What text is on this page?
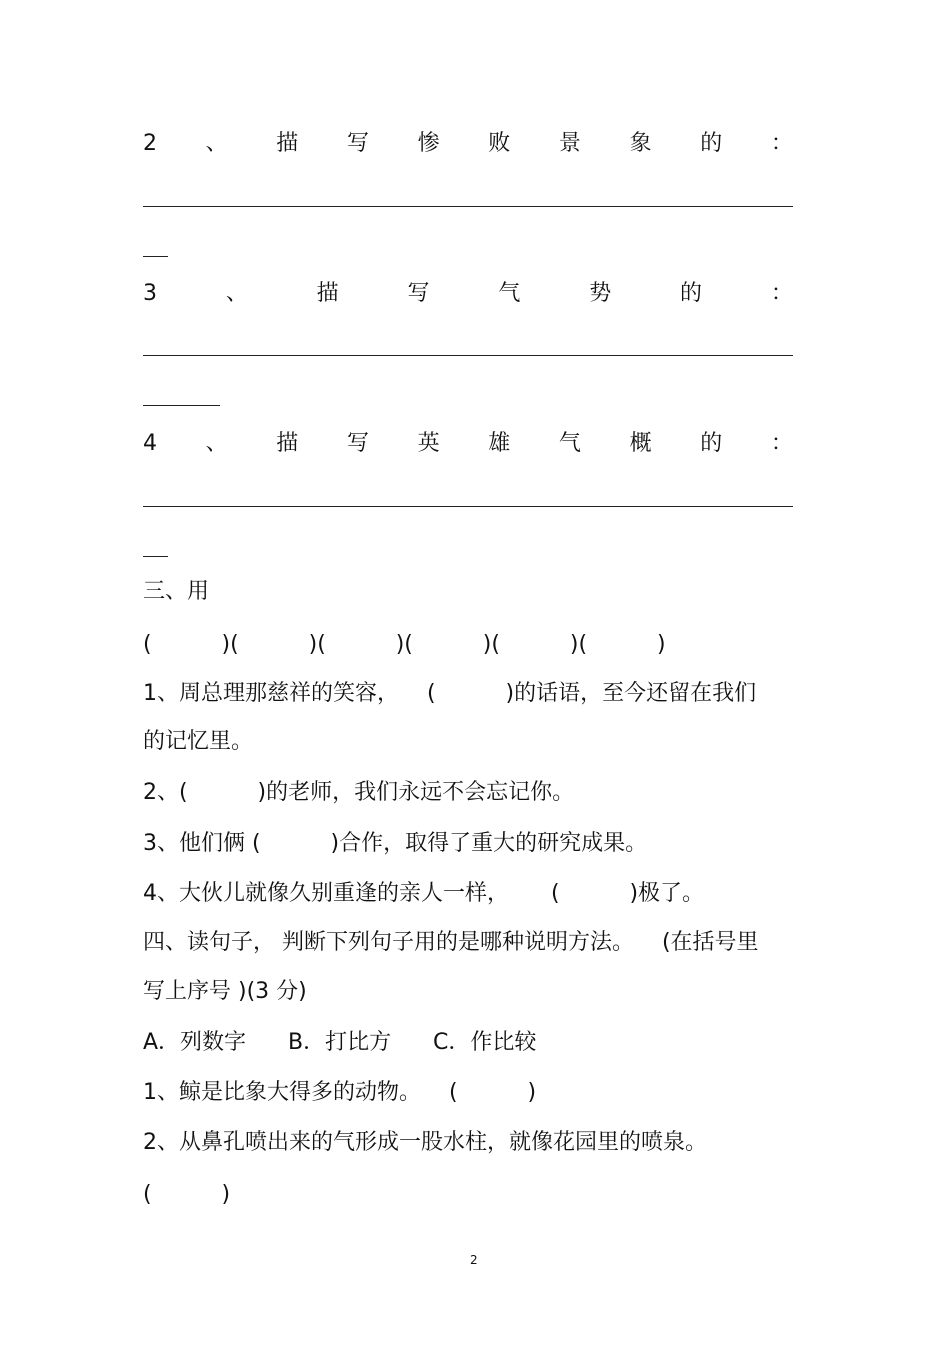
2 、 描 写 惨 败 景 象 的 ：
3	、	描	写	气	势	的	：
4 、 描 写 英 雄 气 概 的 ：
三、用
(          )(          )(          )(          )(          )(          )
1、周总理那慈祥的笑容，    (          )的话语，至今还留在我们
的记忆里。
2、(          )的老师，我们永远不会忘记你。
3、他们俩 (          )合作，取得了重大的研究成果。
4、大伙儿就像久别重逢的亲人一样，      (          )极了。
四、读句子， 判断下列句子用的是哪种说明方法。    (在括号里
写上序号 )(3 分)
A．列数字      B．打比方      C．作比较
1、鲸是比象大得多的动物。    (          )
2、从鼻孔喷出来的气形成一股水柱，就像花园里的喷泉。
(          )
2
